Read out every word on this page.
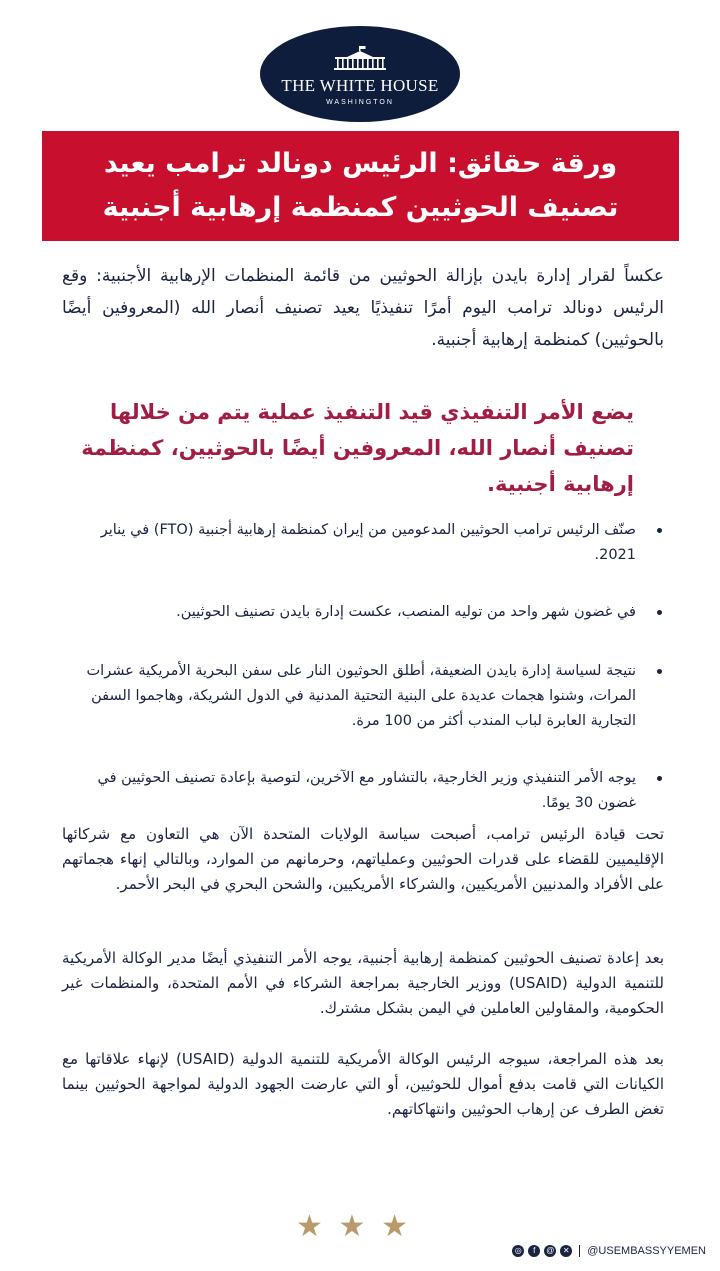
THE WHITE HOUSE
WASHINGTON
ورقة حقائق: الرئيس دونالد ترامب يعيد تصنيف الحوثيين كمنظمة إرهابية أجنبية

عكساً لقرار إدارة بايدن بإزالة الحوثيين من قائمة المنظمات الإرهابية الأجنبية: وقع الرئيس دونالد ترامب اليوم أمرًا تنفيذيًا يعيد تصنيف أنصار الله (المعروفين أيضًا بالحوثيين) كمنظمة إرهابية أجنبية.

يضع الأمر التنفيذي قيد التنفيذ عملية يتم من خلالها تصنيف أنصار الله، المعروفين أيضًا بالحوثيين، كمنظمة إرهابية أجنبية.

صنّف الرئيس ترامب الحوثيين المدعومين من إيران كمنظمة إرهابية أجنبية (FTO) في يناير 2021.
في غضون شهر واحد من توليه المنصب، عكست إدارة بايدن تصنيف الحوثيين.
نتيجة لسياسة إدارة بايدن الضعيفة، أطلق الحوثيون النار على سفن البحرية الأمريكية عشرات المرات، وشنوا هجمات عديدة على البنية التحتية المدنية في الدول الشريكة، وهاجموا السفن التجارية العابرة لباب المندب أكثر من 100 مرة.
يوجه الأمر التنفيذي وزير الخارجية، بالتشاور مع الآخرين، لتوصية بإعادة تصنيف الحوثيين في غضون 30 يومًا.

تحت قيادة الرئيس ترامب، أصبحت سياسة الولايات المتحدة الآن هي التعاون مع شركائها الإقليميين للقضاء على قدرات الحوثيين وعملياتهم، وحرمانهم من الموارد، وبالتالي إنهاء هجماتهم على الأفراد والمدنيين الأمريكيين، والشركاء الأمريكيين، والشحن البحري في البحر الأحمر.

بعد إعادة تصنيف الحوثيين كمنظمة إرهابية أجنبية، يوجه الأمر التنفيذي أيضًا مدير الوكالة الأمريكية للتنمية الدولية (USAID) ووزير الخارجية بمراجعة الشركاء في الأمم المتحدة، والمنظمات غير الحكومية، والمقاولين العاملين في اليمن بشكل مشترك.

بعد هذه المراجعة، سيوجه الرئيس الوكالة الأمريكية للتنمية الدولية (USAID) لإنهاء علاقاتها مع الكيانات التي قامت بدفع أموال للحوثيين، أو التي عارضت الجهود الدولية لمواجهة الحوثيين بينما تغض الطرف عن إرهاب الحوثيين وانتهاكاتهم.

★ ★ ★
◎	f	@	✕ @USEMBASSYYEMEN
